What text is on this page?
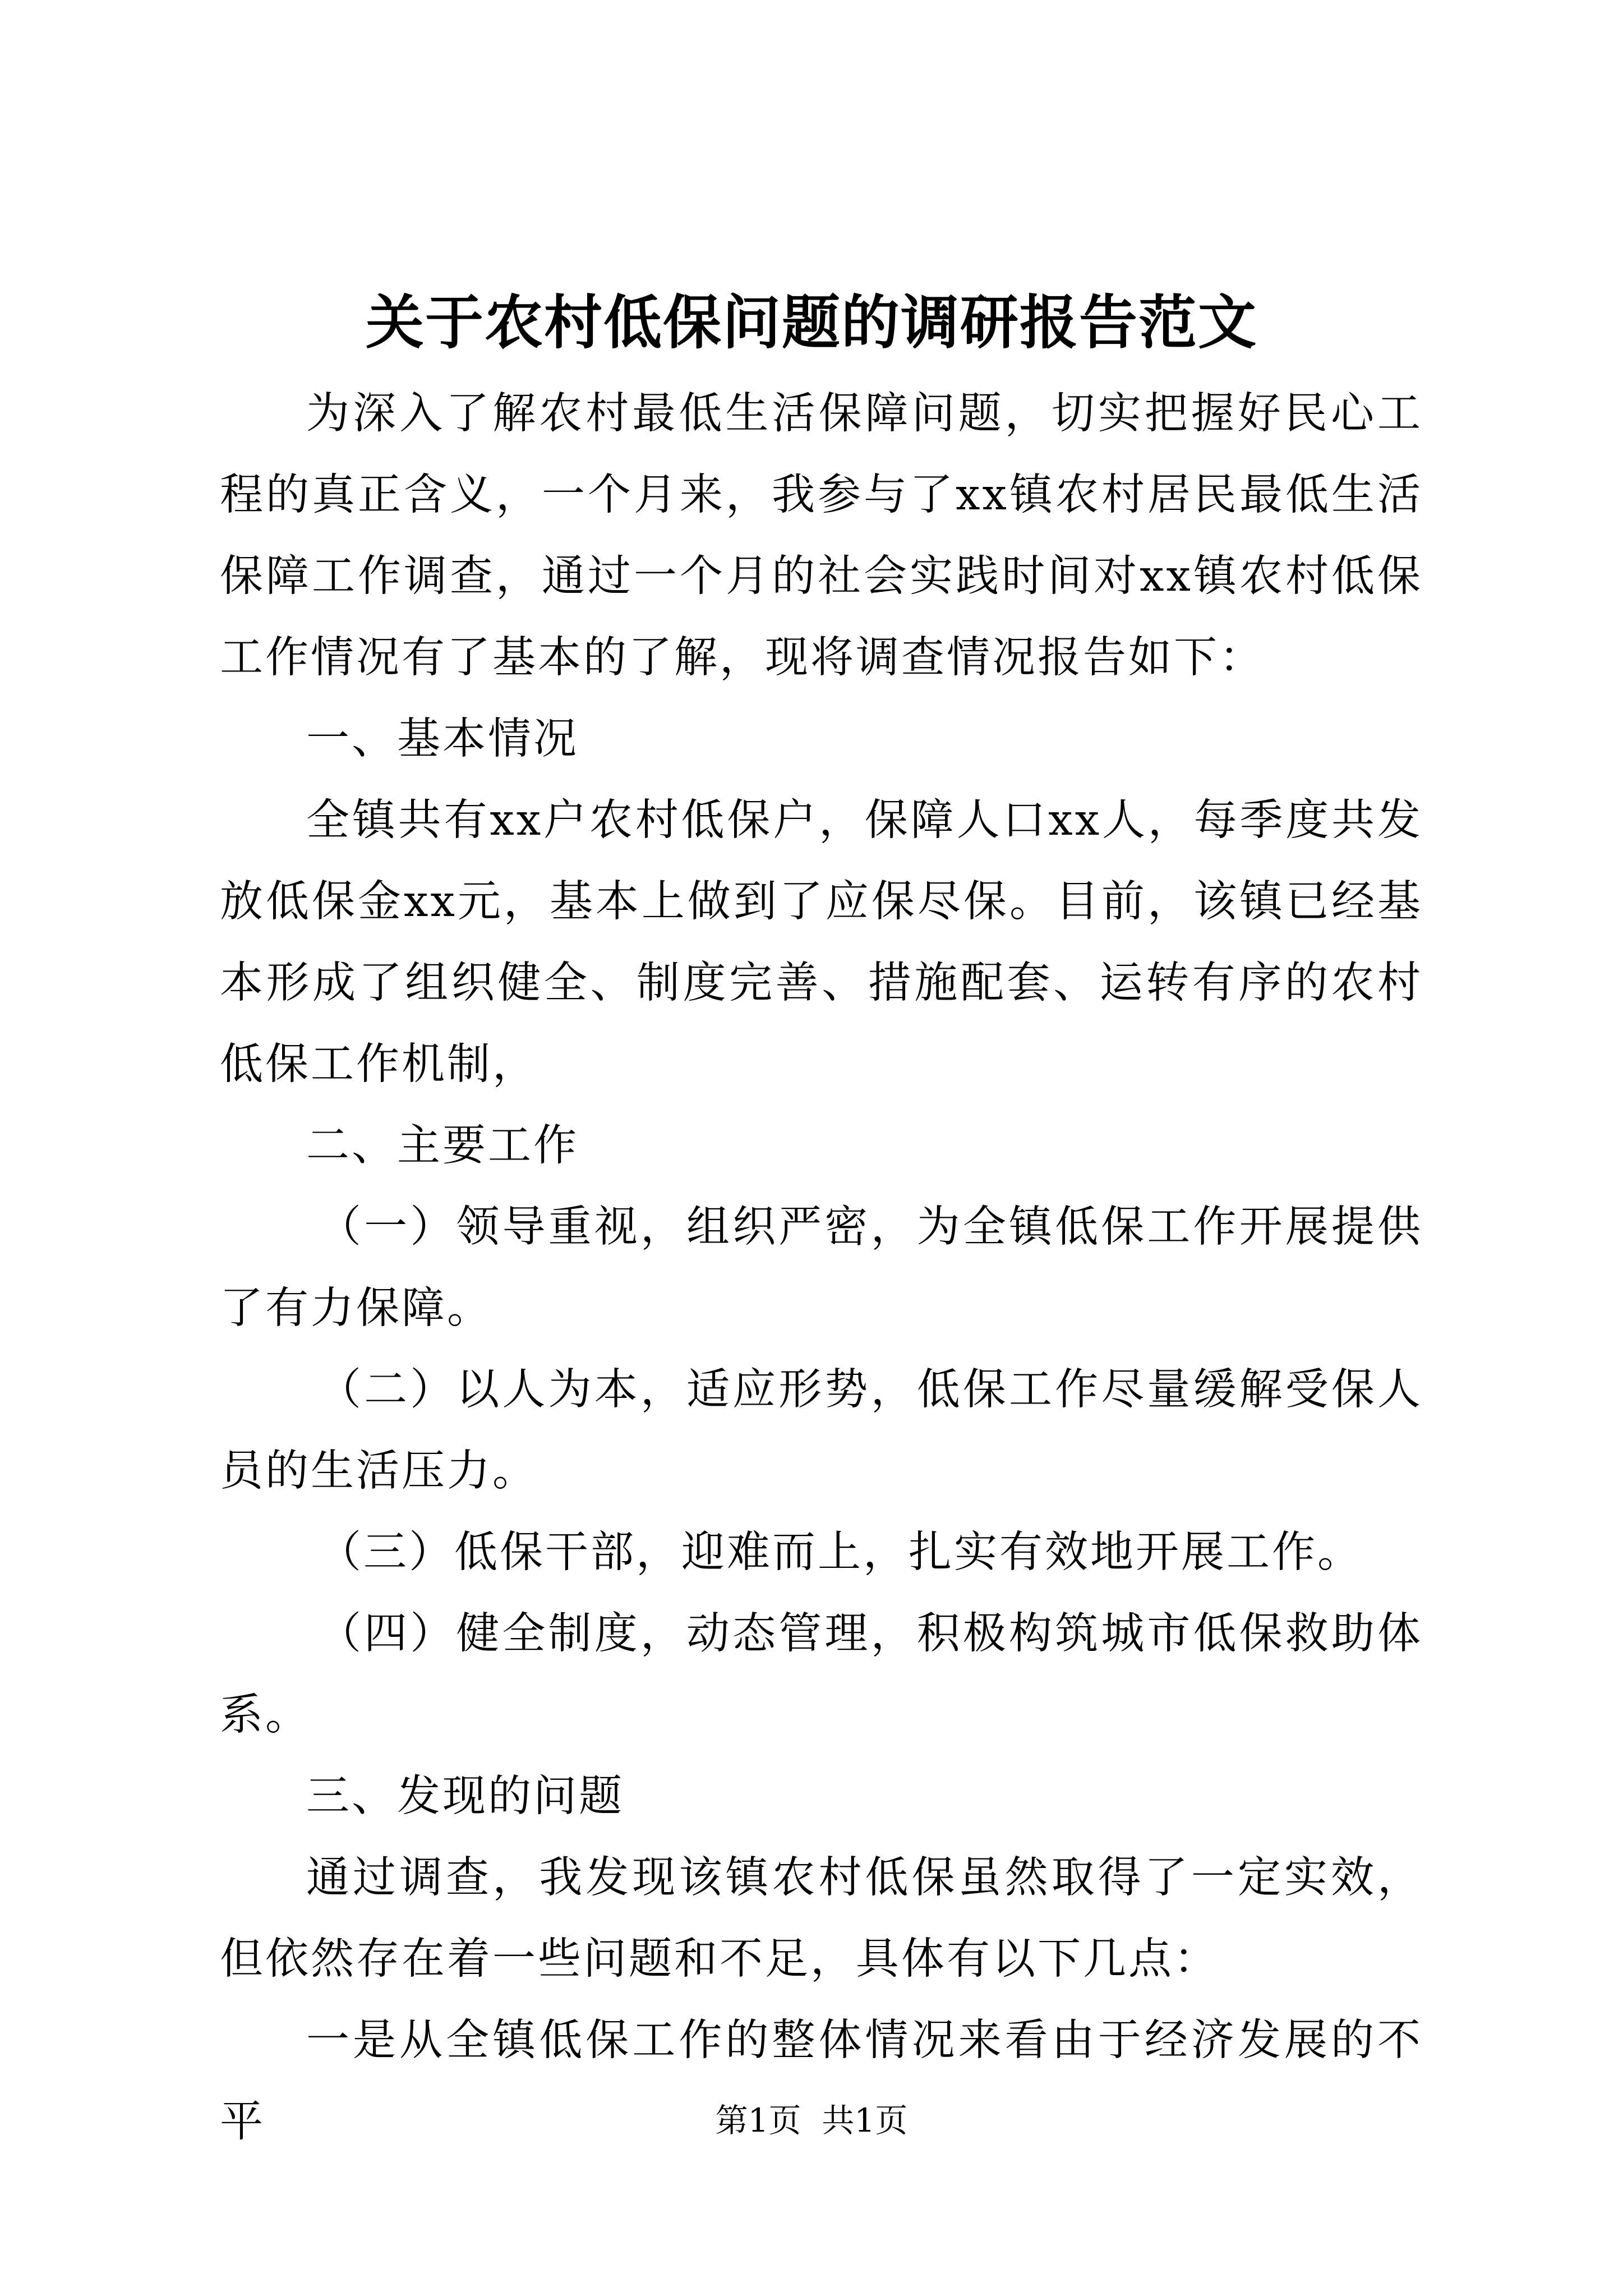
关于农村低保问题的调研报告范文

为深入了解农村最低生活保障问题，切实把握好民心工程的真正含义，一个月来，我参与了xx镇农村居民最低生活保障工作调查，通过一个月的社会实践时间对xx镇农村低保工作情况有了基本的了解，现将调查情况报告如下：

一、基本情况

全镇共有xx户农村低保户，保障人口xx人，每季度共发放低保金xx元，基本上做到了应保尽保。目前，该镇已经基本形成了组织健全、制度完善、措施配套、运转有序的农村低保工作机制，

二、主要工作

（一）领导重视，组织严密，为全镇低保工作开展提供了有力保障。

（二）以人为本，适应形势，低保工作尽量缓解受保人员的生活压力。

（三）低保干部，迎难而上，扎实有效地开展工作。

（四）健全制度，动态管理，积极构筑城市低保救助体系。

三、发现的问题

通过调查，我发现该镇农村低保虽然取得了一定实效，但依然存在着一些问题和不足，具体有以下几点：

一是从全镇低保工作的整体情况来看由于经济发展的不平	第1页  共1页
